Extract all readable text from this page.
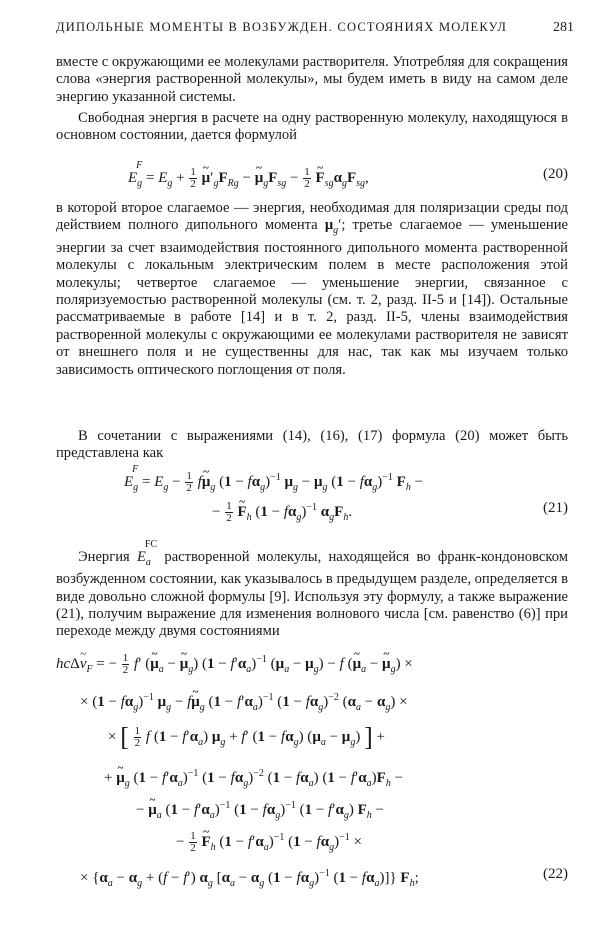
ДИПОЛЬНЫЕ МОМЕНТЫ В ВОЗБУЖДЕН. СОСТОЯНИЯХ МОЛЕКУЛ	281

вместе с окружающими ее молекулами растворителя. Употребляя для сокращения слова «энергия растворенной молекулы», мы будем иметь в виду на самом деле энергию указанной системы.

Свободная энергия в расчете на одну растворенную молекулу, находящуюся в основном состоянии, дается формулой

$E_g^F = E_g + \frac{1}{2}$ ~ $\mu'_gF_{Rg}$ − ~ $\mu_gF_{sg} - \frac{1}{2}$ ~ $F_{sg}\alpha_gF_{sg}$,	(20)

в которой второе слагаемое — энергия, необходимая для поляризации среды под действием полного дипольного момента $\mu_g'$; третье слагаемое — уменьшение энергии за счет взаимодействия постоянного дипольного момента растворенной молекулы с локальным электрическим полем в месте расположения этой молекулы; четвертое слагаемое — уменьшение энергии, связанное с поляризуемостью растворенной молекулы (см. т. 2, разд. II-5 и [14]). Остальные рассматриваемые в работе [14] и в т. 2, разд. II-5, члены взаимодействия растворенной молекулы с окружающими ее молекулами растворителя не зависят от внешнего поля и не существенны для нас, так как мы изучаем только зависимость оптического поглощения от поля.

В сочетании с выражениями (14), (16), (17) формула (20) может быть представлена как

$E_g^F = E_g - \frac{1}{2}$ f~ $\mu_g$ $(1 - f\alpha_g)^{-1}$ $\mu_g - \mu_g$ $(1 - f\alpha_g)^{-1}$ $F_h$ −
− $\frac{1}{2}$ ~ $F_h$ $(1 - f\alpha_g)^{-1}$ $\alpha_gF_h$.	(21)

Энергия $E_a^{FC}$ растворенной молекулы, находящейся во франк-кондоновском возбужденном состоянии, как указывалось в предыдущем разделе, определяется в виде довольно сложной формулы [9]. Используя эту формулу, а также выражение (21), получим выражение для изменения волнового числа [см. равенство (6)] при переходе между двумя состояниями

hcΔ~ $\nu_F$ = − $\frac{1}{2} f'$ (~ $\mu_a$ − ~ $\mu_g$) $(1 - f'\alpha_a)^{-1}$ $(\mu_a - \mu_g) - f$ (~ $\mu_a$ − ~ $\mu_g$) ×
× $(1 - f\alpha_g)^{-1}$ $\mu_g$ − f~ $\mu_g$ $(1 - f'\alpha_a)^{-1}$ $(1 - f\alpha_g)^{-2}$ $(\alpha_a - \alpha_g)$ ×
× [ $\frac{1}{2}$ f $(1 - f'\alpha_a)$ $\mu_g + f'$ $(1 - f\alpha_g)$ $(\mu_a - \mu_g)$ ] +
+ ~ $\mu_g$ $(1 - f'\alpha_a)^{-1}$ $(1 - f\alpha_g)^{-2}$ $(1 - f\alpha_a)$ $(1 - f'\alpha_a)F_h$ −
− ~ $\mu_a$ $(1 - f'\alpha_a)^{-1}$ $(1 - f\alpha_g)^{-1}$ $(1 - f'\alpha_g)$ $F_h$ −
− $\frac{1}{2}$ ~ $F_h$ $(1 - f'\alpha_a)^{-1}$ $(1 - f\alpha_g)^{-1}$ ×
× {$\alpha_a - \alpha_g + (f - f')$ $\alpha_g$ [$\alpha_a - \alpha_g$ $(1 - f\alpha_g)^{-1}$ $(1 - f\alpha_a)$]} $F_h$;	(22)
